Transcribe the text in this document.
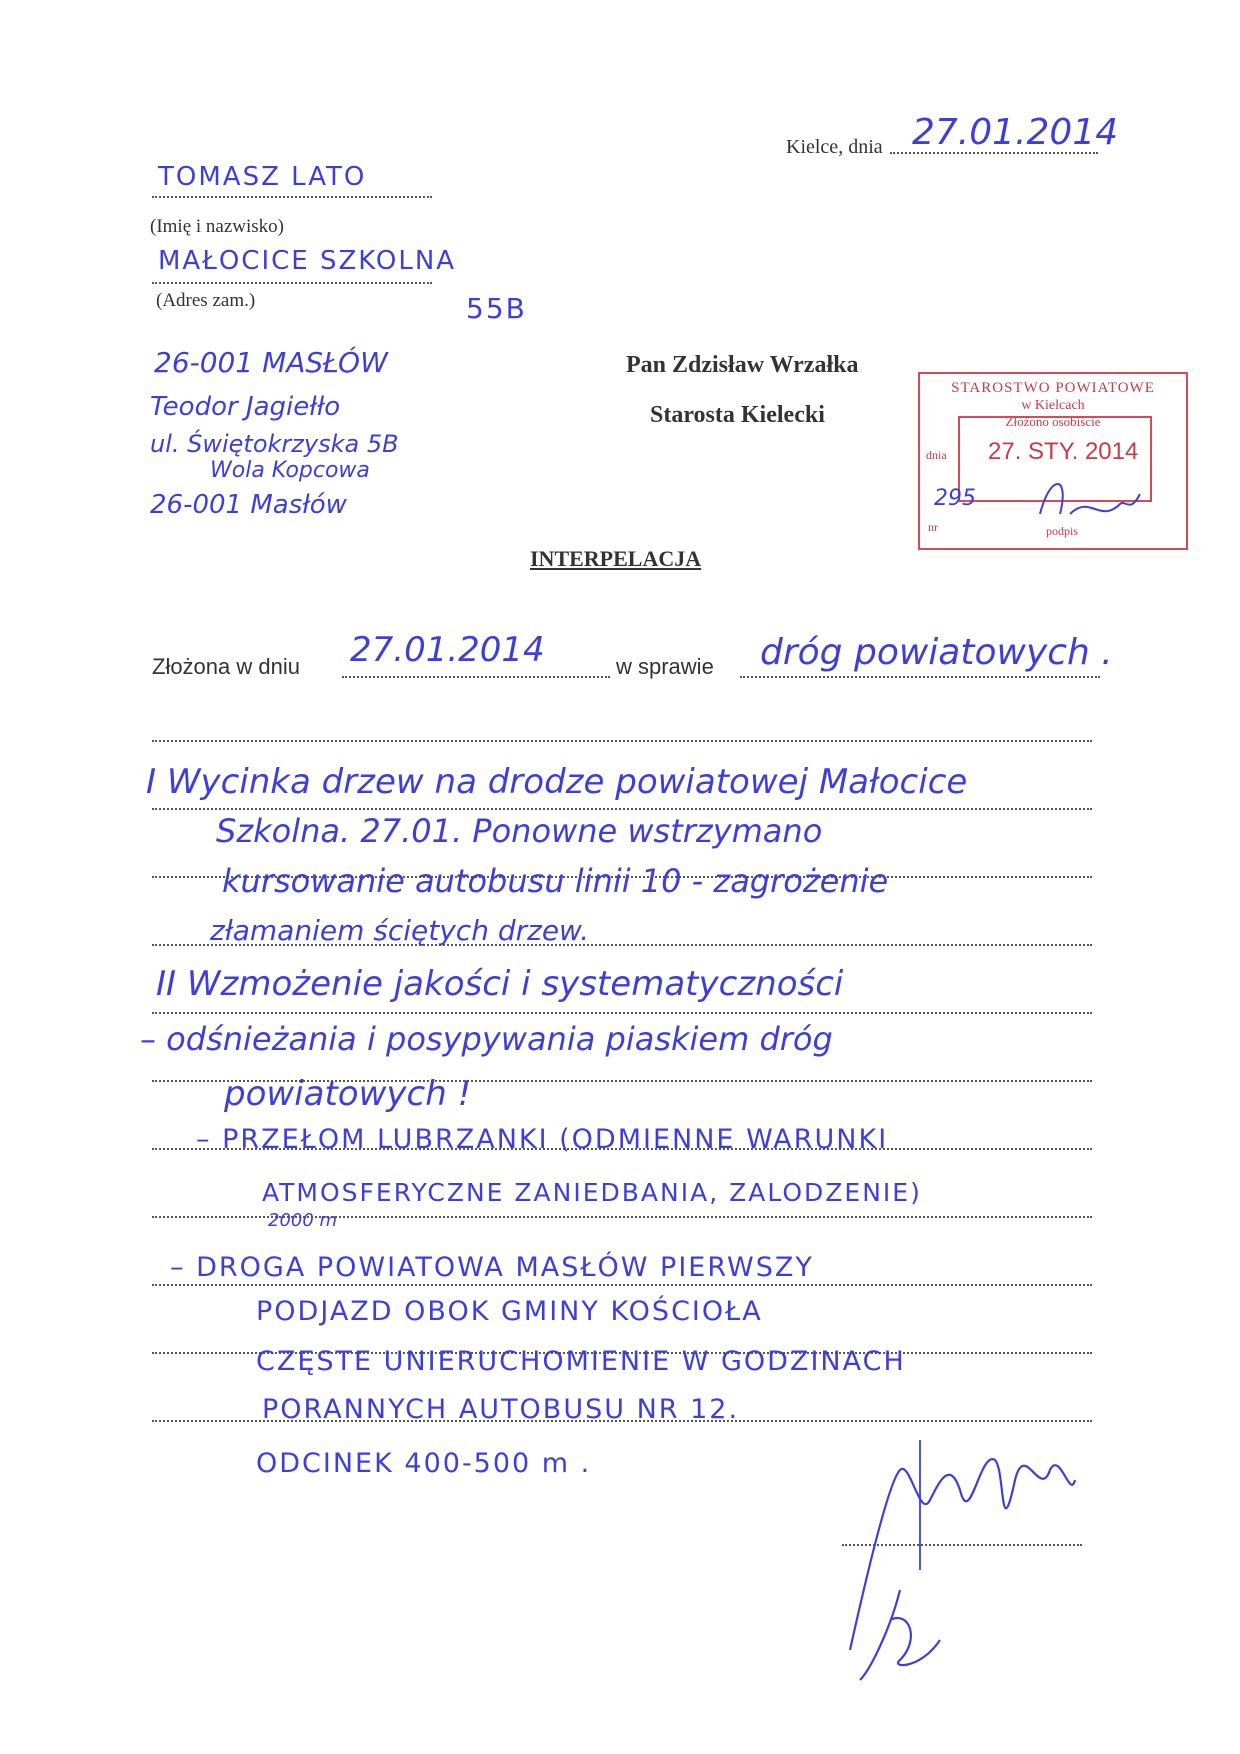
Kielce, dnia 27.01.2014
TOMASZ LATO
(Imię i nazwisko)
MAŁOCICE SZKOLNA
(Adres zam.)	55B
26-001 MASŁÓW
Teodor Jagiełło
ul. Świętokrzyska 5B
Wola Kopcowa
26-001 Masłów
Pan Zdzisław Wrzałka
Starosta Kielecki
STAROSTWO POWIATOWE
w Kielcach
Złożono osobiście
dnia 27. STY. 2014
nr
295
podpis
INTERPELACJA
Złożona w dniu 27.01.2014	w sprawie dróg powiatowych .
I Wycinka drzew na drodze powiatowej Małocice
Szkolna. 27.01. Ponowne wstrzymano
kursowanie autobusu linii 10 - zagrożenie
złamaniem ściętych drzew.
II Wzmożenie jakości i systematyczności
– odśnieżania i posypywania piaskiem dróg
powiatowych !
– PRZEŁOM LUBRZANKI (ODMIENNE WARUNKI
ATMOSFERYCZNE ZANIEDBANIA, ZALODZENIE)
2000 m
– DROGA POWIATOWA MASŁÓW PIERWSZY
PODJAZD OBOK GMINY KOŚCIOŁA
CZĘSTE UNIERUCHOMIENIE W GODZINACH
PORANNYCH AUTOBUSU NR 12.
ODCINEK 400-500 m .
